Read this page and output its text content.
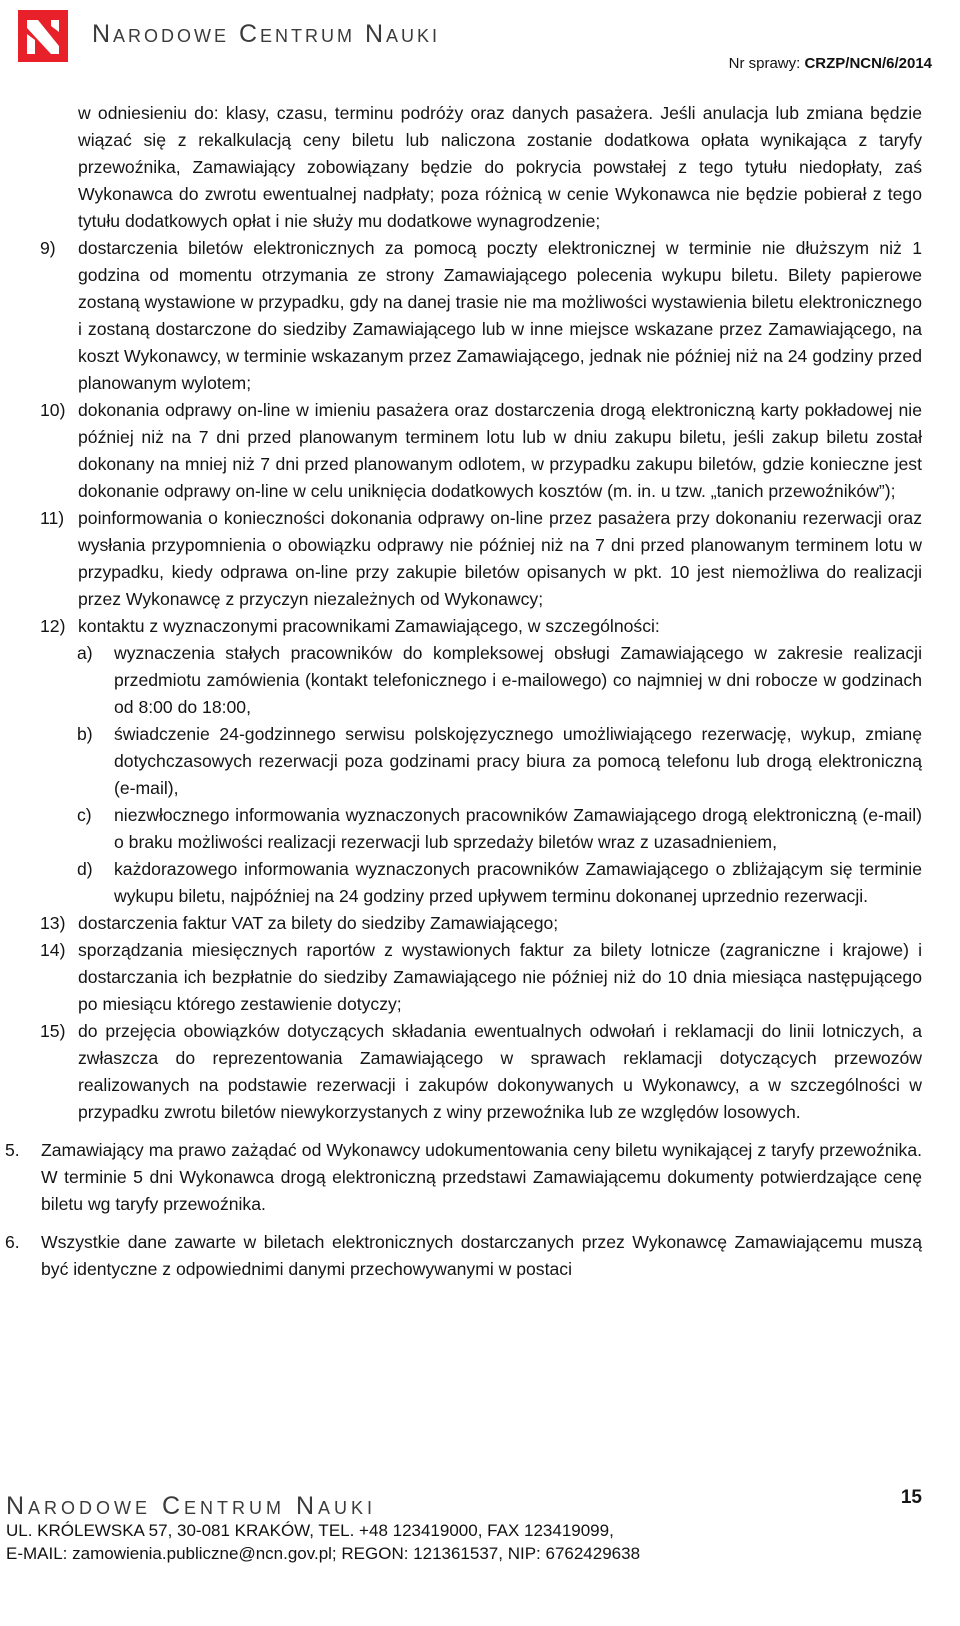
Narodowe Centrum Nauki
Nr sprawy: CRZP/NCN/6/2014
w odniesieniu do: klasy, czasu, terminu podróży oraz danych pasażera. Jeśli anulacja lub zmiana będzie wiązać się z rekalkulacją ceny biletu lub naliczona zostanie dodatkowa opłata wynikająca z taryfy przewoźnika, Zamawiający zobowiązany będzie do pokrycia powstałej z tego tytułu niedopłaty, zaś Wykonawca do zwrotu ewentualnej nadpłaty; poza różnicą w cenie Wykonawca nie będzie pobierał z tego tytułu dodatkowych opłat i nie służy mu dodatkowe wynagrodzenie;
9) dostarczenia biletów elektronicznych za pomocą poczty elektronicznej w terminie nie dłuższym niż 1 godzina od momentu otrzymania ze strony Zamawiającego polecenia wykupu biletu. Bilety papierowe zostaną wystawione w przypadku, gdy na danej trasie nie ma możliwości wystawienia biletu elektronicznego i zostaną dostarczone do siedziby Zamawiającego lub w inne miejsce wskazane przez Zamawiającego, na koszt Wykonawcy, w terminie wskazanym przez Zamawiającego, jednak nie później niż na 24 godziny przed planowanym wylotem;
10) dokonania odprawy on-line w imieniu pasażera oraz dostarczenia drogą elektroniczną karty pokładowej nie później niż na 7 dni przed planowanym terminem lotu lub w dniu zakupu biletu, jeśli zakup biletu został dokonany na mniej niż 7 dni przed planowanym odlotem, w przypadku zakupu biletów, gdzie konieczne jest dokonanie odprawy on-line w celu uniknięcia dodatkowych kosztów (m. in. u tzw. „tanich przewoźników”);
11) poinformowania o konieczności dokonania odprawy on-line przez pasażera przy dokonaniu rezerwacji oraz wysłania przypomnienia o obowiązku odprawy nie później niż na 7 dni przed planowanym terminem lotu w przypadku, kiedy odprawa on-line przy zakupie biletów opisanych w pkt. 10 jest niemożliwa do realizacji przez Wykonawcę z przyczyn niezależnych od Wykonawcy;
12) kontaktu z wyznaczonymi pracownikami Zamawiającego, w szczególności:
a) wyznaczenia stałych pracowników do kompleksowej obsługi Zamawiającego w zakresie realizacji przedmiotu zamówienia (kontakt telefonicznego i e-mailowego) co najmniej w dni robocze w godzinach od 8:00 do 18:00,
b) świadczenie 24-godzinnego serwisu polskojęzycznego umożliwiającego rezerwację, wykup, zmianę dotychczasowych rezerwacji poza godzinami pracy biura za pomocą telefonu lub drogą elektroniczną (e-mail),
c) niezwłocznego informowania wyznaczonych pracowników Zamawiającego drogą elektroniczną (e-mail) o braku możliwości realizacji rezerwacji lub sprzedaży biletów wraz z uzasadnieniem,
d) każdorazowego informowania wyznaczonych pracowników Zamawiającego o zbliżającym się terminie wykupu biletu, najpóźniej na 24 godziny przed upływem terminu dokonanej uprzednio rezerwacji.
13) dostarczenia faktur VAT za bilety do siedziby Zamawiającego;
14) sporządzania miesięcznych raportów z wystawionych faktur za bilety lotnicze (zagraniczne i krajowe) i dostarczania ich bezpłatnie do siedziby Zamawiającego nie później niż do 10 dnia miesiąca następującego po miesiącu którego zestawienie dotyczy;
15) do przejęcia obowiązków dotyczących składania ewentualnych odwołań i reklamacji do linii lotniczych, a zwłaszcza do reprezentowania Zamawiającego w sprawach reklamacji dotyczących przewozów realizowanych na podstawie rezerwacji i zakupów dokonywanych u Wykonawcy, a w szczególności w przypadku zwrotu biletów niewykorzystanych z winy przewoźnika lub ze względów losowych.
5. Zamawiający ma prawo zażądać od Wykonawcy udokumentowania ceny biletu wynikającej z taryfy przewoźnika. W terminie 5 dni Wykonawca drogą elektroniczną przedstawi Zamawiającemu dokumenty potwierdzające cenę biletu wg taryfy przewoźnika.
6. Wszystkie dane zawarte w biletach elektronicznych dostarczanych przez Wykonawcę Zamawiającemu muszą być identyczne z odpowiednimi danymi przechowywanymi w postaci
Narodowe Centrum Nauki	15
UL. KRÓLEWSKA 57, 30-081 KRAKÓW, TEL. +48 123419000, FAX 123419099,
E-MAIL: zamowienia.publiczne@ncn.gov.pl; REGON: 121361537, NIP: 6762429638
